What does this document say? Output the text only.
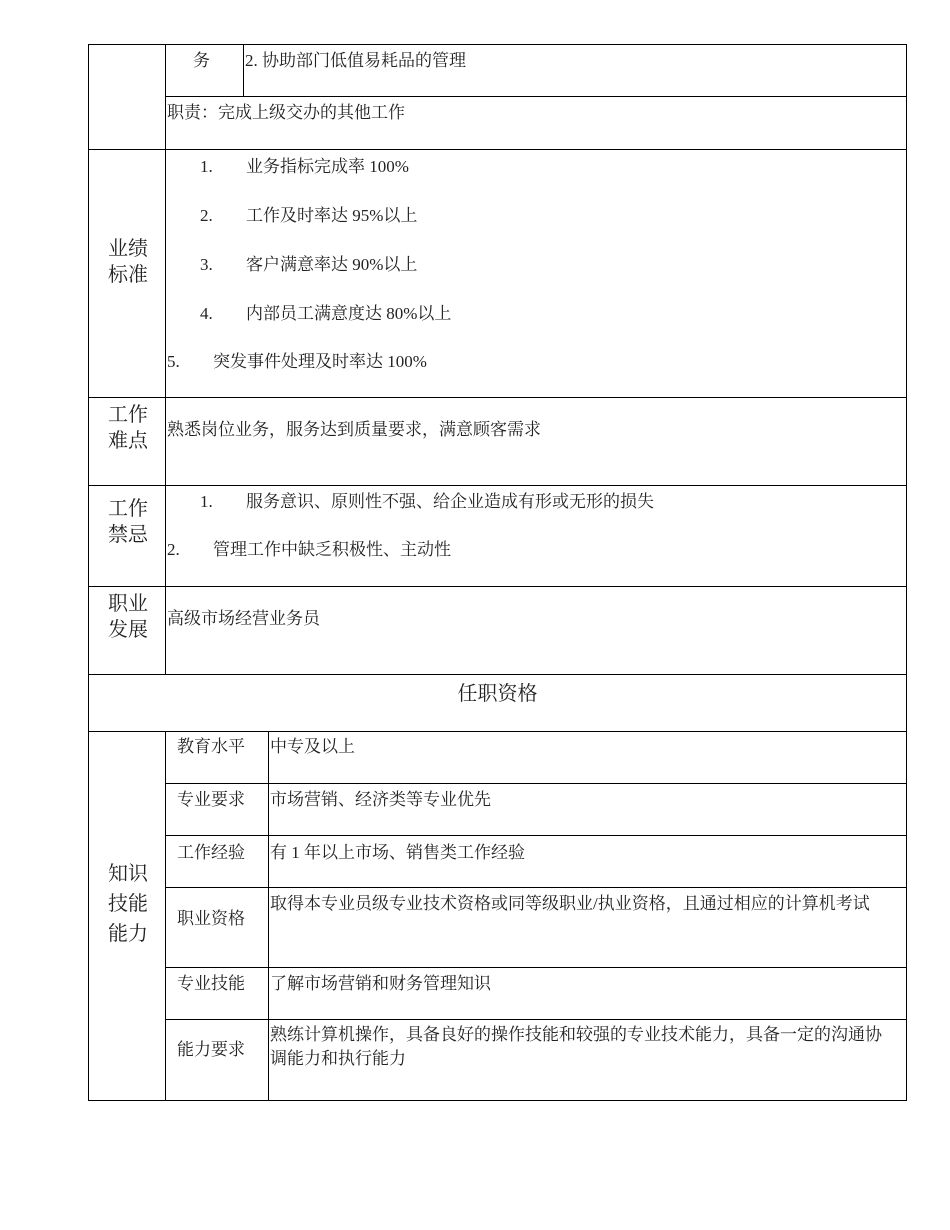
务 2. 协助部门低值易耗品的管理
职责：完成上级交办的其他工作
业绩标准
1. 业务指标完成率 100%
2. 工作及时率达 95%以上
3. 客户满意率达 90%以上
4. 内部员工满意度达 80%以上
5. 突发事件处理及时率达 100%
工作难点
熟悉岗位业务，服务达到质量要求，满意顾客需求
工作禁忌
1. 服务意识、原则性不强、给企业造成有形或无形的损失
2. 管理工作中缺乏积极性、主动性
职业发展
高级市场经营业务员
任职资格
知识技能能力
教育水平 中专及以上
专业要求 市场营销、经济类等专业优先
工作经验 有 1 年以上市场、销售类工作经验
职业资格
取得本专业员级专业技术资格或同等级职业/执业资格，且通过相应的计算机考试
专业技能 了解市场营销和财务管理知识
能力要求
熟练计算机操作，具备良好的操作技能和较强的专业技术能力，具备一定的沟通协调能力和执行能力
